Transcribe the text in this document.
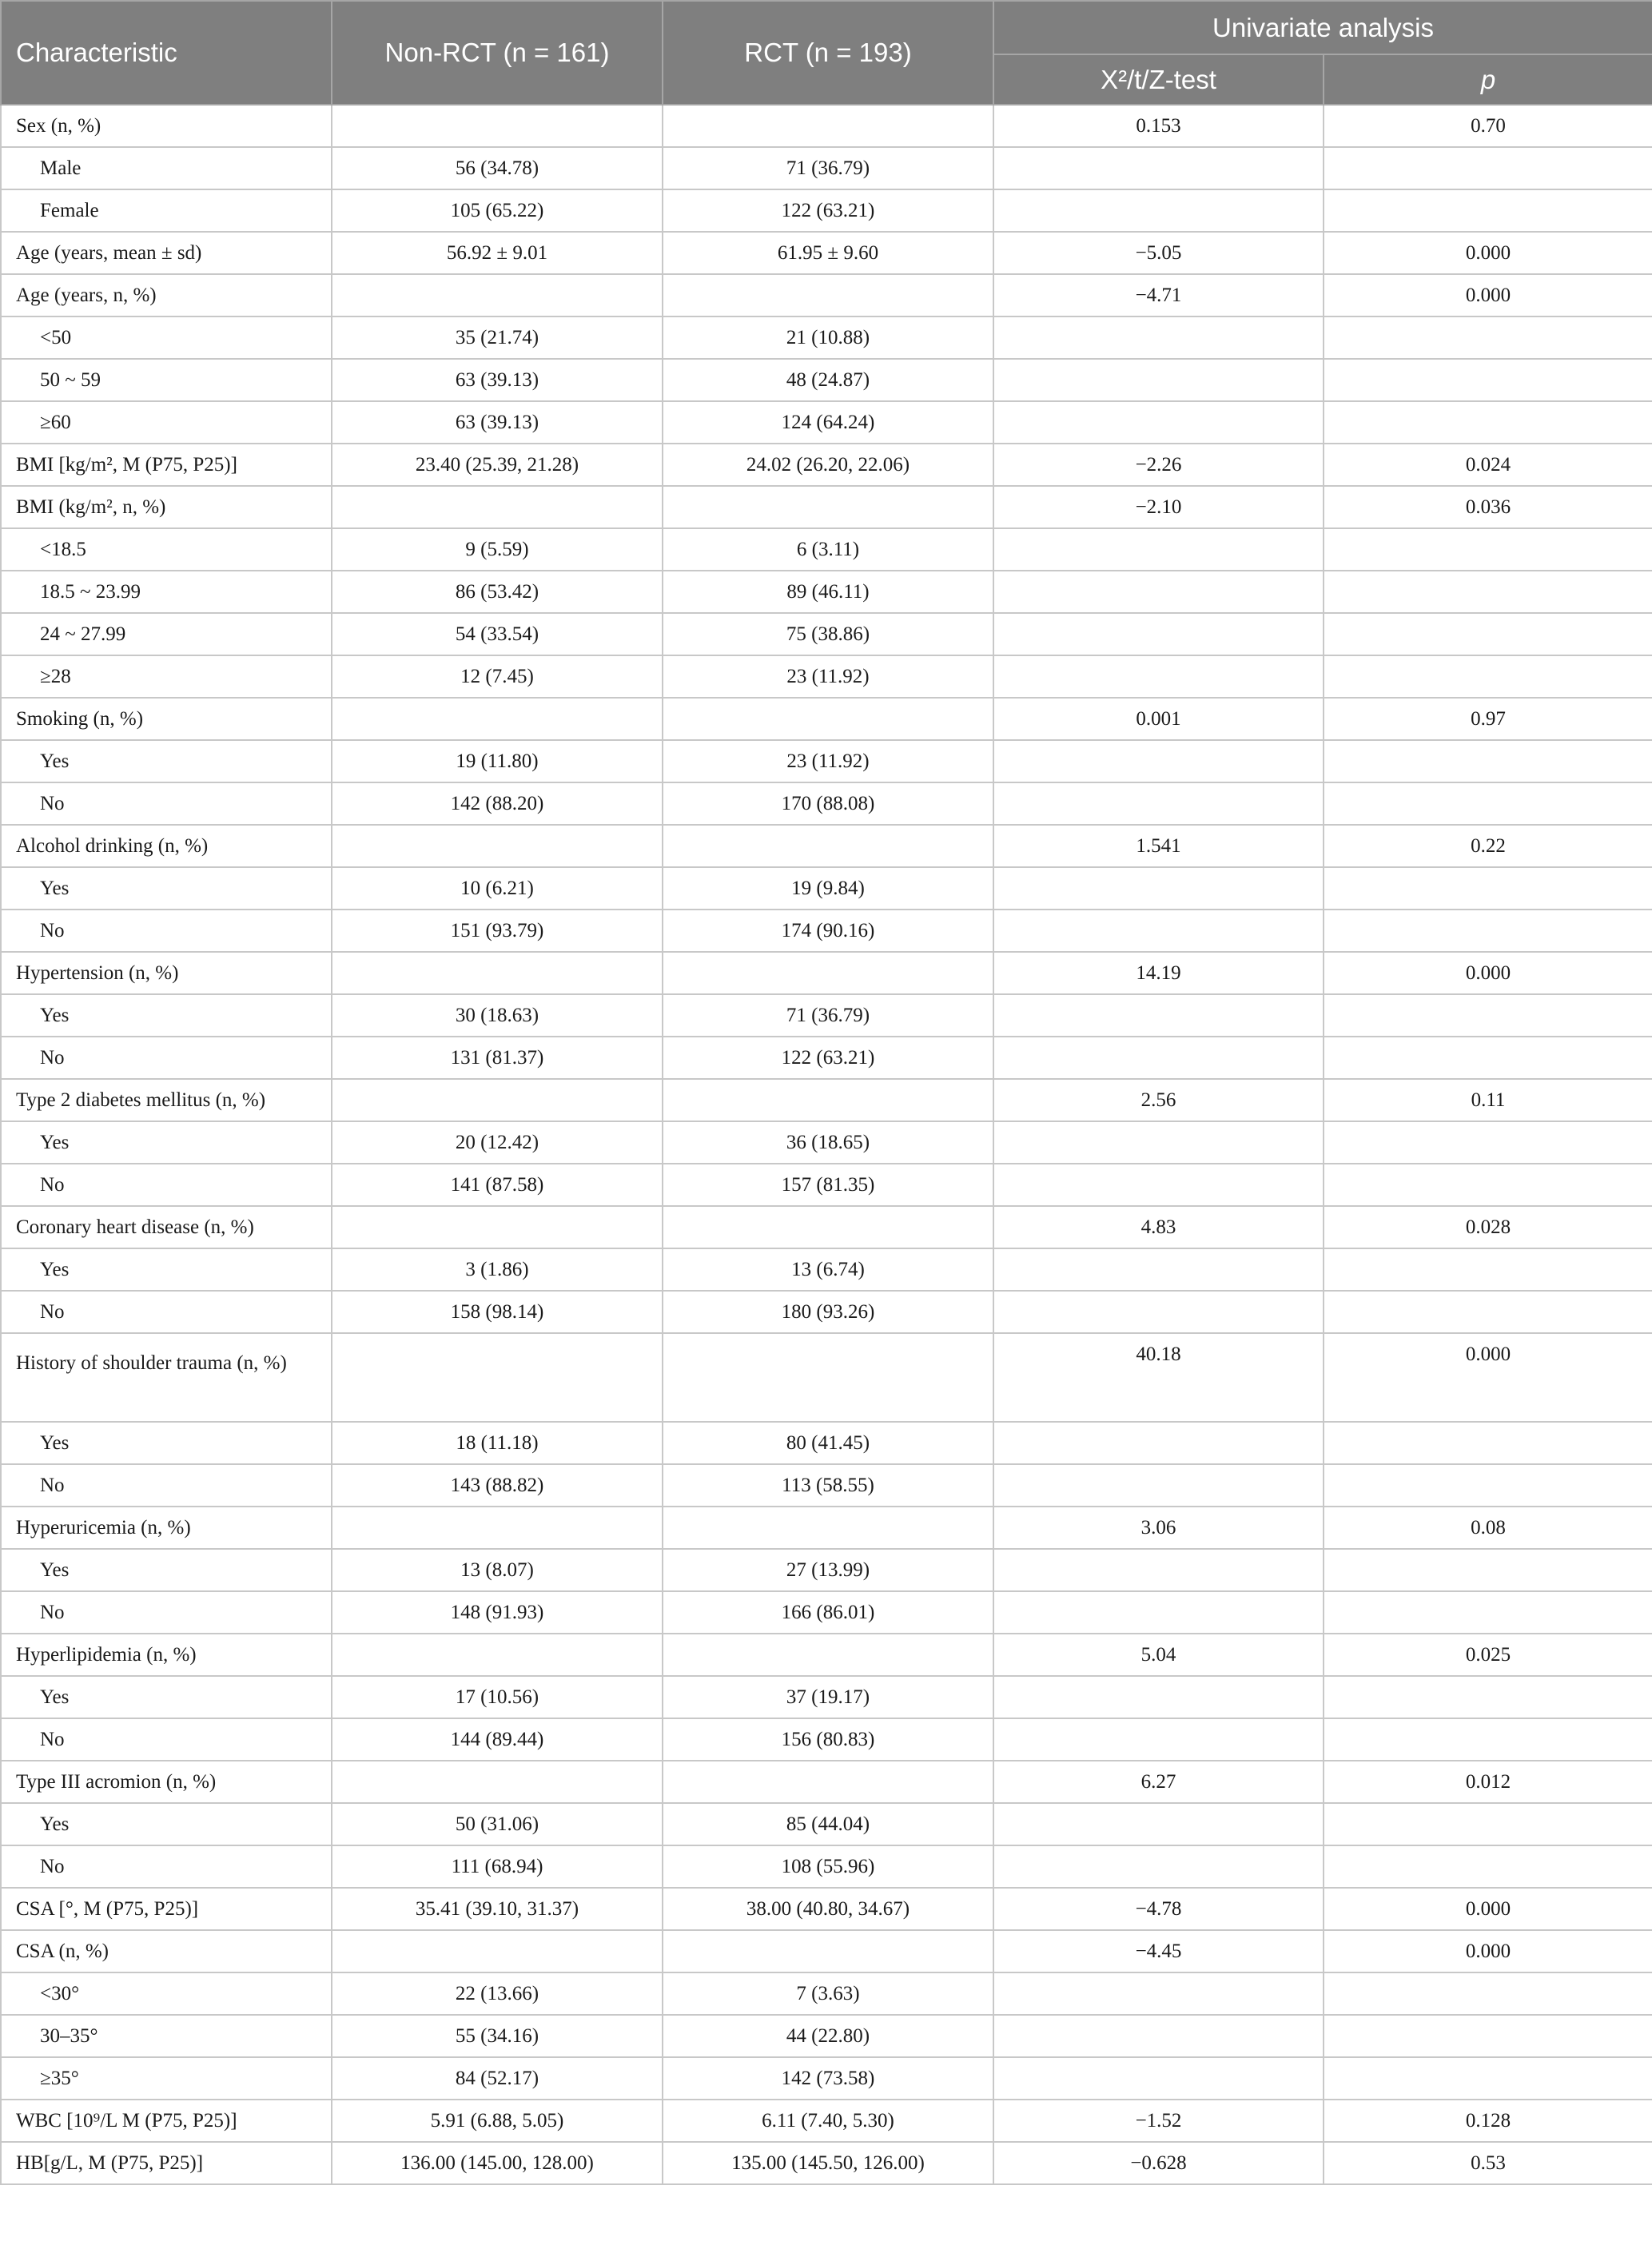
Characteristic	Non-RCT (n = 161)	RCT (n = 193)	Univariate analysis	
			X²/t/Z-test	p
Sex (n, %)			0.153	0.70
Male	56 (34.78)	71 (36.79)		
Female	105 (65.22)	122 (63.21)		
Age (years, mean ± sd)	56.92 ± 9.01	61.95 ± 9.60	−5.05	0.000
Age (years, n, %)			−4.71	0.000
<50	35 (21.74)	21 (10.88)		
50 ~ 59	63 (39.13)	48 (24.87)		
≥60	63 (39.13)	124 (64.24)		
BMI [kg/m², M (P75, P25)]	23.40 (25.39, 21.28)	24.02 (26.20, 22.06)	−2.26	0.024
BMI (kg/m², n, %)			−2.10	0.036
<18.5	9 (5.59)	6 (3.11)		
18.5 ~ 23.99	86 (53.42)	89 (46.11)		
24 ~ 27.99	54 (33.54)	75 (38.86)		
≥28	12 (7.45)	23 (11.92)		
Smoking (n, %)			0.001	0.97
Yes	19 (11.80)	23 (11.92)		
No	142 (88.20)	170 (88.08)		
Alcohol drinking (n, %)			1.541	0.22
Yes	10 (6.21)	19 (9.84)		
No	151 (93.79)	174 (90.16)		
Hypertension (n, %)			14.19	0.000
Yes	30 (18.63)	71 (36.79)		
No	131 (81.37)	122 (63.21)		
Type 2 diabetes mellitus (n, %)			2.56	0.11
Yes	20 (12.42)	36 (18.65)		
No	141 (87.58)	157 (81.35)		
Coronary heart disease (n, %)			4.83	0.028
Yes	3 (1.86)	13 (6.74)		
No	158 (98.14)	180 (93.26)		
History of shoulder trauma (n, %)			40.18	0.000
Yes	18 (11.18)	80 (41.45)		
No	143 (88.82)	113 (58.55)		
Hyperuricemia (n, %)			3.06	0.08
Yes	13 (8.07)	27 (13.99)		
No	148 (91.93)	166 (86.01)		
Hyperlipidemia (n, %)			5.04	0.025
Yes	17 (10.56)	37 (19.17)		
No	144 (89.44)	156 (80.83)		
Type III acromion (n, %)			6.27	0.012
Yes	50 (31.06)	85 (44.04)		
No	111 (68.94)	108 (55.96)		
CSA [°, M (P75, P25)]	35.41 (39.10, 31.37)	38.00 (40.80, 34.67)	−4.78	0.000
CSA (n, %)			−4.45	0.000
<30°	22 (13.66)	7 (3.63)		
30–35°	55 (34.16)	44 (22.80)		
≥35°	84 (52.17)	142 (73.58)		
WBC [10⁹/L M (P75, P25)]	5.91 (6.88, 5.05)	6.11 (7.40, 5.30)	−1.52	0.128
HB[g/L, M (P75, P25)]	136.00 (145.00, 128.00)	135.00 (145.50, 126.00)	−0.628	0.53
